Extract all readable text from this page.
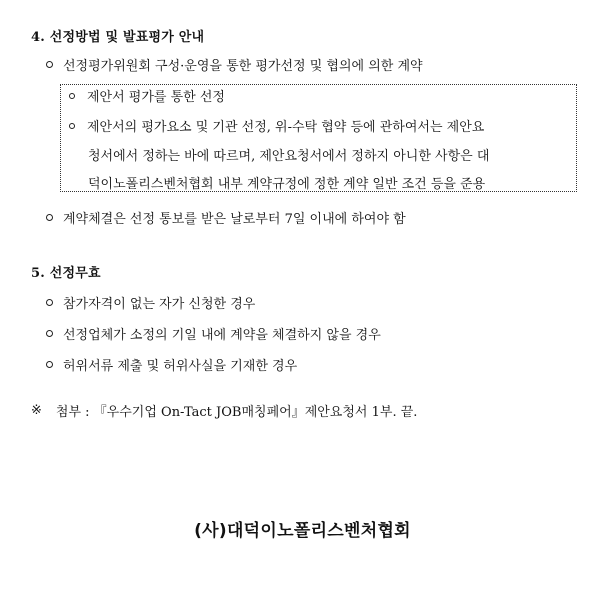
4. 선정방법 및 발표평가 안내
선정평가위원회 구성·운영을 통한 평가선정 및 협의에 의한 계약
제안서 평가를 통한 선정
제안서의 평가요소 및 기관 선정, 위-수탁 협약 등에 관하여서는 제안요
청서에서 정하는 바에 따르며, 제안요청서에서 정하지 아니한 사항은 대
덕이노폴리스벤처협회 내부 계약규정에 정한 계약 일반 조건 등을 준용
계약체결은 선정 통보를 받은 날로부터 7일 이내에 하여야 함
5. 선정무효
참가자격이 없는 자가 신청한 경우
선정업체가 소정의 기일 내에 계약을 체결하지 않을 경우
허위서류 제출 및 허위사실을 기재한 경우
※ 첨부 : 『우수기업 On-Tact JOB매칭페어』제안요청서 1부. 끝.
(사)대덕이노폴리스벤처협회
